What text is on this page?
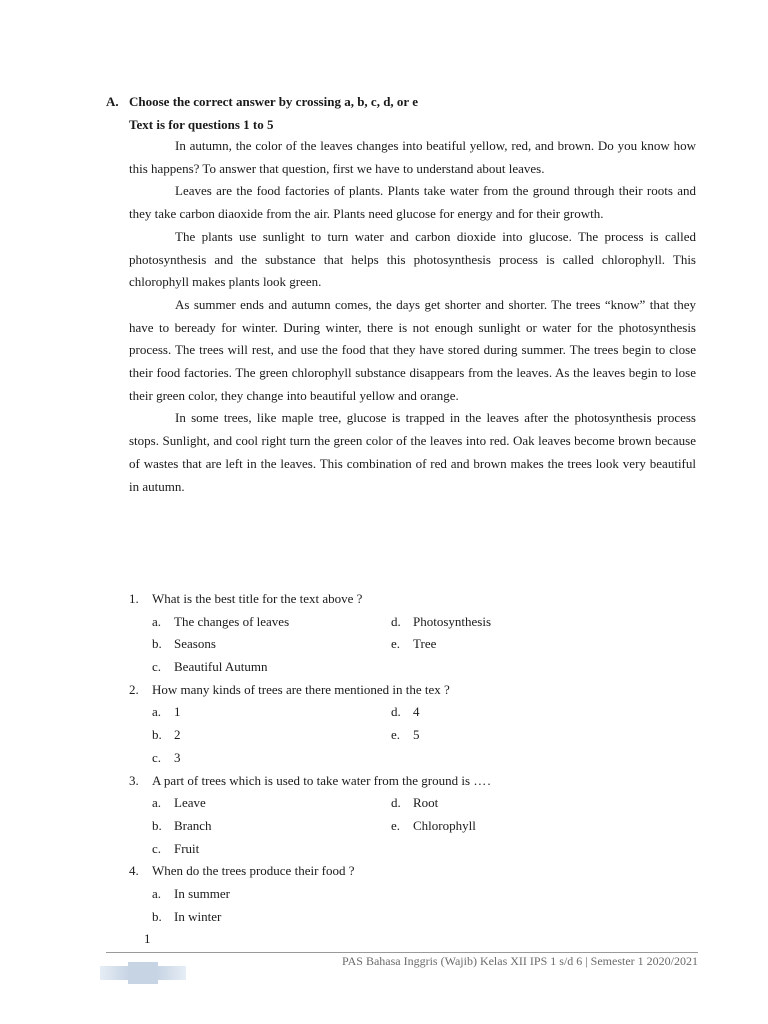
A. Choose the correct answer by crossing a, b, c, d, or e
Text is for questions 1 to 5

In autumn, the color of the leaves changes into beatiful yellow, red, and brown. Do you know how this happens? To answer that question, first we have to understand about leaves.

Leaves are the food factories of plants. Plants take water from the ground through their roots and they take carbon diaoxide from the air. Plants need glucose for energy and for their growth.

The plants use sunlight to turn water and carbon dioxide into glucose. The process is called photosynthesis and the substance that helps this photosynthesis process is called chlorophyll. This chlorophyll makes plants look green.

As summer ends and autumn comes, the days get shorter and shorter. The trees “know” that they have to beready for winter. During winter, there is not enough sunlight or water for the photosynthesis process. The trees will rest, and use the food that they have stored during summer. The trees begin to close their food factories. The green chlorophyll substance disappears from the leaves. As the leaves begin to lose their green color, they change into beautiful yellow and orange.

In some trees, like maple tree, glucose is trapped in the leaves after the photosynthesis process stops. Sunlight, and cool right turn the green color of the leaves into red. Oak leaves become brown because of wastes that are left in the leaves. This combination of red and brown makes the trees look very beautiful in autumn.

1. What is the best title for the text above ?
a. The changes of leaves	d. Photosynthesis
b. Seasons	e. Tree
c. Beautiful Autumn
2. How many kinds of trees are there mentioned in the tex ?
a. 1	d. 4
b. 2	e. 5
c. 3
3. A part of trees which is used to take water from the ground is ….
a. Leave	d. Root
b. Branch	e. Chlorophyll
c. Fruit
4. When do the trees produce their food ?
a. In summer
b. In winter
1
PAS Bahasa Inggris (Wajib) Kelas XII IPS 1 s/d 6 | Semester 1 2020/2021
